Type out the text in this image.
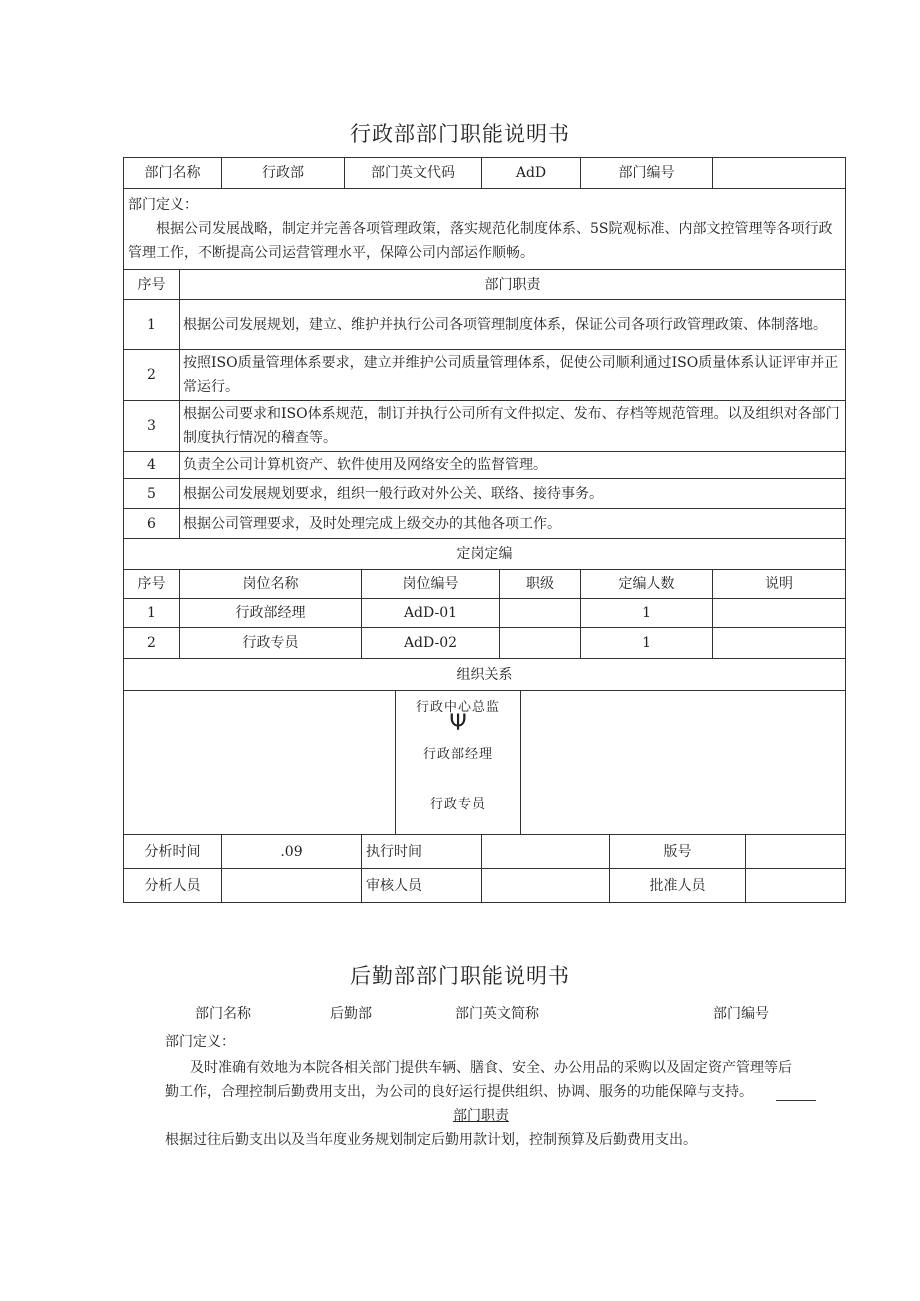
行政部部门职能说明书
部门名称		行政部	部门英文代码		AdD		部门编号			

部门定义：
根据公司发展战略，制定并完善各项管理政策，落实规范化制度体系、5S院观标准、内部文控管理等各项行政管理工作，不断提高公司运营管理水平，保障公司内部运作顺畅。										

序号	部门职责									
1	根据公司发展规划，建立、维护并执行公司各项管理制度体系，保证公司各项行政管理政策、体制落地。									
2	按照ISO质量管理体系要求，建立并维护公司质量管理体系，促使公司顺利通过ISO质量体系认证评审并正常运行。									
3	根据公司要求和ISO体系规范，制订并执行公司所有文件拟定、发布、存档等规范管理。以及组织对各部门制度执行情况的稽查等。									
4	负责全公司计算机资产、软件使用及网络安全的监督管理。									
5	根据公司发展规划要求，组织一般行政对外公关、联络、接待事务。									
6	根据公司管理要求，及时处理完成上级交办的其他各项工作。									
定岗定编										
序号	岗位名称			岗位编号		职级	定编人数		说明	
1	行政部经理			AdD-01			1			
2	行政专员			AdD-02			1			
组织关系										

行政中心总监
Ψ
行政部经理
行政专员										

分析时间		.09		执行时间				版号		
分析人员				审核人员				批准人员		
后勤部部门职能说明书
部门名称	后勤部	部门英文简称	部门编号
部门定义：
及时准确有效地为本院各相关部门提供车辆、膳食、安全、办公用品的采购以及固定资产管理等后
勤工作，合理控制后勤费用支出，为公司的良好运行提供组织、协调、服务的功能保障与支持。
部门职责
根据过往后勤支出以及当年度业务规划制定后勤用款计划，控制预算及后勤费用支出。
